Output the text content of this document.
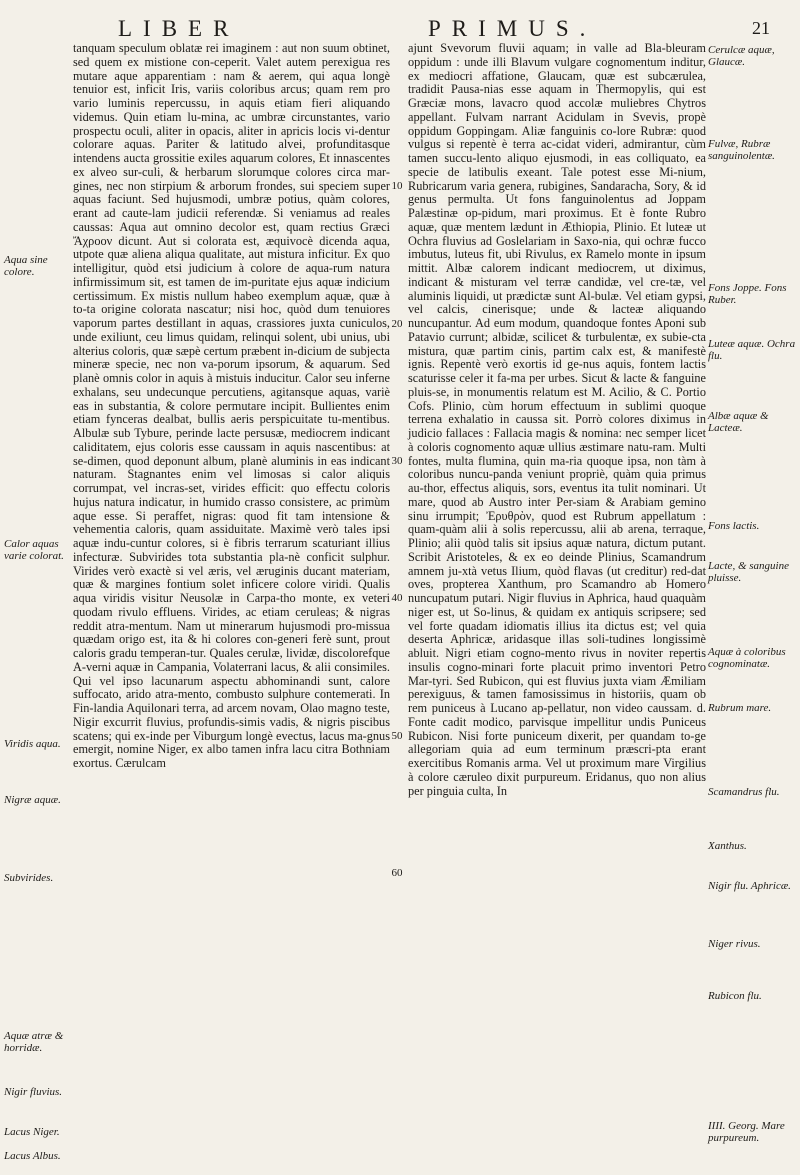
LIBER	PRIMUS.	21

tanquam speculum oblatæ rei imaginem : aut non suum obtinet, sed quem ex mistione con-ceperit. Valet autem perexigua res mutare aque apparentiam : nam & aerem, qui aqua longè tenuior est, inficit Iris, variis coloribus arcus; quam rem pro vario luminis repercussu, in aquis etiam fieri aliquando videmus. Quin etiam lu-mina, ac umbræ circunstantes, vario prospectu oculi, aliter in opacis, aliter in apricis locis vi-dentur colorare aquas. Pariter & latitudo alvei, profunditasque intendens aucta grossitie exiles aquarum colores, Et innascentes ex alveo sur-culi, & herbarum slorumque colores circa mar-gines, nec non stirpium & arborum frondes, sui speciem super aquas faciunt. Sed hujusmodi, umbræ potius, quàm colores, erant ad caute-lam judicii referendæ. Si veniamus ad reales caussas: Aqua aut omnino decolor est, quam rectius Græci Ἄχροον dicunt. Aut si colorata est, æquivocè dicenda aqua, utpote quæ aliena aliqua qualitate, aut mistura inficitur. Ex quo intelligitur, quòd etsi judicium à colore de aqua-rum natura infirmissimum sit, est tamen de im-puritate ejus aquæ indicium certissimum. Ex mistis nullum habeo exemplum aquæ, quæ à to-ta origine colorata nascatur; nisi hoc, quòd dum tenuiores vaporum partes destillant in aquas, crassiores juxta cuniculos, unde exiliunt, ceu limus quidam, relinqui solent, ubi unius, ubi alterius coloris, quæ sæpè certum præbent in-dicium de subjecta mineræ specie, nec non va-porum ipsorum, & aquarum. Sed planè omnis color in aquis à mistuis inducitur. Calor seu inferne exhalans, seu undecunque percutiens, agitansque aquas, variè eas in substantia, & colore permutare incipit. Bullientes enim etiam fynceras dealbat, bullis aeris perspicuitate tu-mentibus. Albulæ sub Tybure, perinde lacte persusæ, mediocrem indicant caliditatem, ejus coloris esse caussam in aquis nascentibus: at se-dimen, quod deponunt album, planè aluminis in eas indicant naturam. Stagnantes enim vel limosas si calor aliquis corrumpat, vel incras-set, virides efficit: quo effectu coloris hujus natura indicatur, in humido crasso consistere, ac primùm aque esse. Si peraffet, nigras: quod fit tam intensione & vehementia caloris, quam assiduitate. Maximè verò tales ipsi aquæ indu-cuntur colores, si è fibris terrarum scaturiant illius infecturæ. Subvirides tota substantia pla-nè conficit sulphur. Virides verò exactè si vel æris, vel æruginis ducant materiam, quæ & margines fontium solet inficere colore viridi. Qualis aqua viridis visitur Neusolæ in Carpa-tho monte, ex veteri quodam rivulo effluens. Virides, ac etiam ceruleas; & nigras reddit atra-mentum. Nam ut minerarum hujusmodi pro-missua quædam origo est, ita & hi colores con-generi ferè sunt, prout caloris gradu temperan-tur. Quales cerulæ, lividæ, discolorefque A-verni aquæ in Campania, Volaterrani lacus, & alii consimiles. Qui vel ipso lacunarum aspectu abhominandi sunt, calore suffocato, arido atra-mento, combusto sulphure contemerati. In Fin-landia Aquilonari terra, ad arcem novam, Olao magno teste, Nigir excurrit fluvius, profundis-simis vadis, & nigris piscibus scatens; qui ex-inde per Viburgum longè evectus, lacus ma-gnus emergit, nomine Niger, ex albo tamen infra lacu citra Bothniam exortus. Cærulcam

ajunt Svevorum fluvii aquam; in valle ad Bla-bleuram oppidum : unde illi Blavum vulgare cognomentum inditur, ex mediocri affatione, Glaucam, quæ est subcærulea, tradidit Pausa-nias esse aquam in Thermopylis, qui est Græciæ mons, lavacro quod accolæ muliebres Chytros appellant. Fulvam narrant Acidulam in Svevis, propè oppidum Goppingam. Aliæ fanguinis co-lore Rubræ: quod vulgus si repentè è terra ac-cidat videri, admirantur, cùm tamen succu-lento aliquo ejusmodi, in eas colliquato, ea specie de latibulis exeant. Tale potest esse Mi-nium, Rubricarum varia genera, rubigines, Sandaracha, Sory, & id genus permulta. Ut fons fanguinolentus ad Joppam Palæstinæ op-pidum, mari proximus. Et è fonte Rubro aquæ, quæ mentem lædunt in Æthiopia, Plinio. Et luteæ ut Ochra fluvius ad Goslelariam in Saxo-nia, qui ochræ fucco imbutus, luteus fit, ubi Rivulus, ex Ramelo monte in ipsum mittit. Albæ calorem indicant mediocrem, ut diximus, indicant & misturam vel terræ candidæ, vel cre-tæ, vel aluminis liquidi, ut prædictæ sunt Al-bulæ. Vel etiam gypsi, vel calcis, cinerisque; unde & lacteæ aliquando nuncupantur. Ad eum modum, quandoque fontes Aponi sub Patavio currunt; albidæ, scilicet & turbulentæ, ex subie-cta mistura, quæ partim cinis, partim calx est, & manifestè ignis. Repentè verò exortis id ge-nus aquis, fontem lactis scaturisse celer it fa-ma per urbes. Sicut & lacte & fanguine pluis-se, in monumentis relatum est M. Acilio, & C. Portio Cofs. Plinio, cùm horum effectuum in sublimi quoque terrena exhalatio in caussa sit. Porrò colores diximus in judicio fallaces : Fallacia magis & nomina: nec semper licet à coloris cognomento aquæ ullius æstimare natu-ram. Multi fontes, multa flumina, quin ma-ria quoque ipsa, non tàm à coloribus nuncu-panda veniunt propriè, quàm quia primus au-thor, effectus aliquis, sors, eventus ita tulit nominari. Ut mare, quod ab Austro inter Per-siam & Arabiam gemino sinu irrumpit; Ἐρυθρὸν, quod est Rubrum appellatum : quam-quàm alii à solis repercussu, alii ab arena, terraque, Plinio; alii quòd talis sit ipsius aquæ natura, dictum putant. Scribit Aristoteles, & ex eo deinde Plinius, Scamandrum amnem ju-xtà vetus Ilium, quòd flavas (ut creditur) red-dat oves, propterea Xanthum, pro Scamandro ab Homero nuncupatum putari. Nigir fluvius in Aphrica, haud quaquàm niger est, ut So-linus, & quidam ex antiquis scripsere; sed vel forte quadam idiomatis illius ita dictus est; vel quia deserta Aphricæ, aridasque illas soli-tudines longissimè abluit. Nigri etiam cogno-mento rivus in noviter repertis insulis cogno-minari forte placuit primo inventori Petro Mar-tyri. Sed Rubicon, qui est fluvius juxta viam Æmiliam perexiguus, & tamen famosissimus in historiis, quam ob rem puniceus à Lucano ap-pellatur, non video caussam. d. Fonte cadit modico, parvisque impellitur undis Puniceus Rubicon. Nisi forte puniceum dixerit, per quandam to-ge allegoriam quia ad eum terminum præscri-pta erant exercitibus Romanis arma. Vel ut proximum mare Virgilius à colore cæruleo dixit purpureum. Eridanus, quo non alius per pinguia culta, In

Aqua sine colore.
Calor aquas varie colorat.
Viridis aqua.
Nigræ aquæ.
Subvirides.
Aquæ atræ & horridæ.
Nigir fluvius.
Lacus Niger.
Lacus Albus.
Cerulcæ aquæ, Glaucæ.
Fulvæ, Rubræ sanguinolentæ.
Fons Joppe. Fons Ruber.
Luteæ aquæ. Ochra flu.
Albæ aquæ & Lacteæ.
Fons lactis.
Lacte, & sanguine pluisse.
Aquæ à coloribus cognominatæ.
Rubrum mare.
Scamandrus flu.
Xanthus.
Nigir flu. Aphricæ.
Niger rivus.
Rubicon flu.
IIII. Georg. Mare purpureum.
10
20
30
40
50
60
